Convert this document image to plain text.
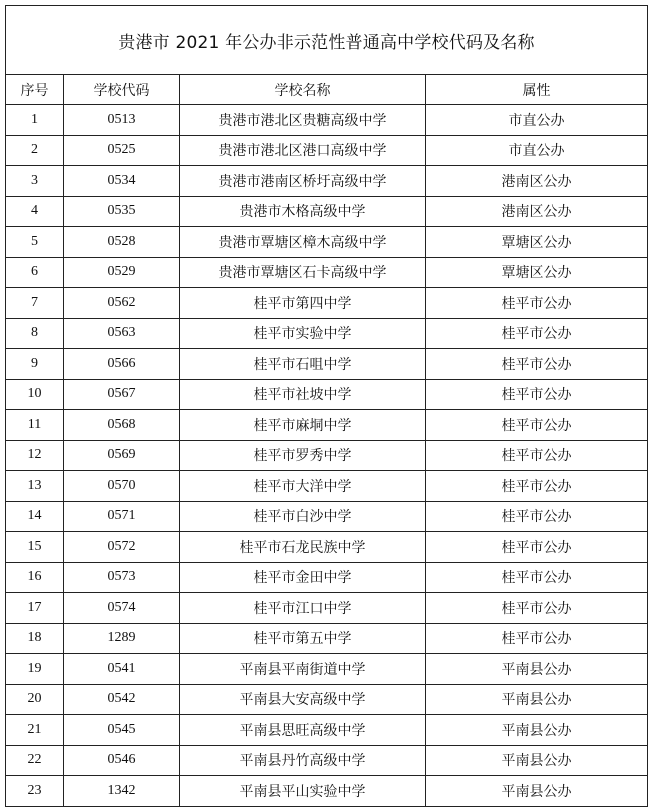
贵港市 2021 年公办非示范性普通高中学校代码及名称			
序号	学校代码	学校名称	属性
1	0513	贵港市港北区贵糖高级中学	市直公办
2	0525	贵港市港北区港口高级中学	市直公办
3	0534	贵港市港南区桥圩高级中学	港南区公办
4	0535	贵港市木格高级中学	港南区公办
5	0528	贵港市覃塘区樟木高级中学	覃塘区公办
6	0529	贵港市覃塘区石卡高级中学	覃塘区公办
7	0562	桂平市第四中学	桂平市公办
8	0563	桂平市实验中学	桂平市公办
9	0566	桂平市石咀中学	桂平市公办
10	0567	桂平市社坡中学	桂平市公办
11	0568	桂平市麻垌中学	桂平市公办
12	0569	桂平市罗秀中学	桂平市公办
13	0570	桂平市大洋中学	桂平市公办
14	0571	桂平市白沙中学	桂平市公办
15	0572	桂平市石龙民族中学	桂平市公办
16	0573	桂平市金田中学	桂平市公办
17	0574	桂平市江口中学	桂平市公办
18	1289	桂平市第五中学	桂平市公办
19	0541	平南县平南街道中学	平南县公办
20	0542	平南县大安高级中学	平南县公办
21	0545	平南县思旺高级中学	平南县公办
22	0546	平南县丹竹高级中学	平南县公办
23	1342	平南县平山实验中学	平南县公办
